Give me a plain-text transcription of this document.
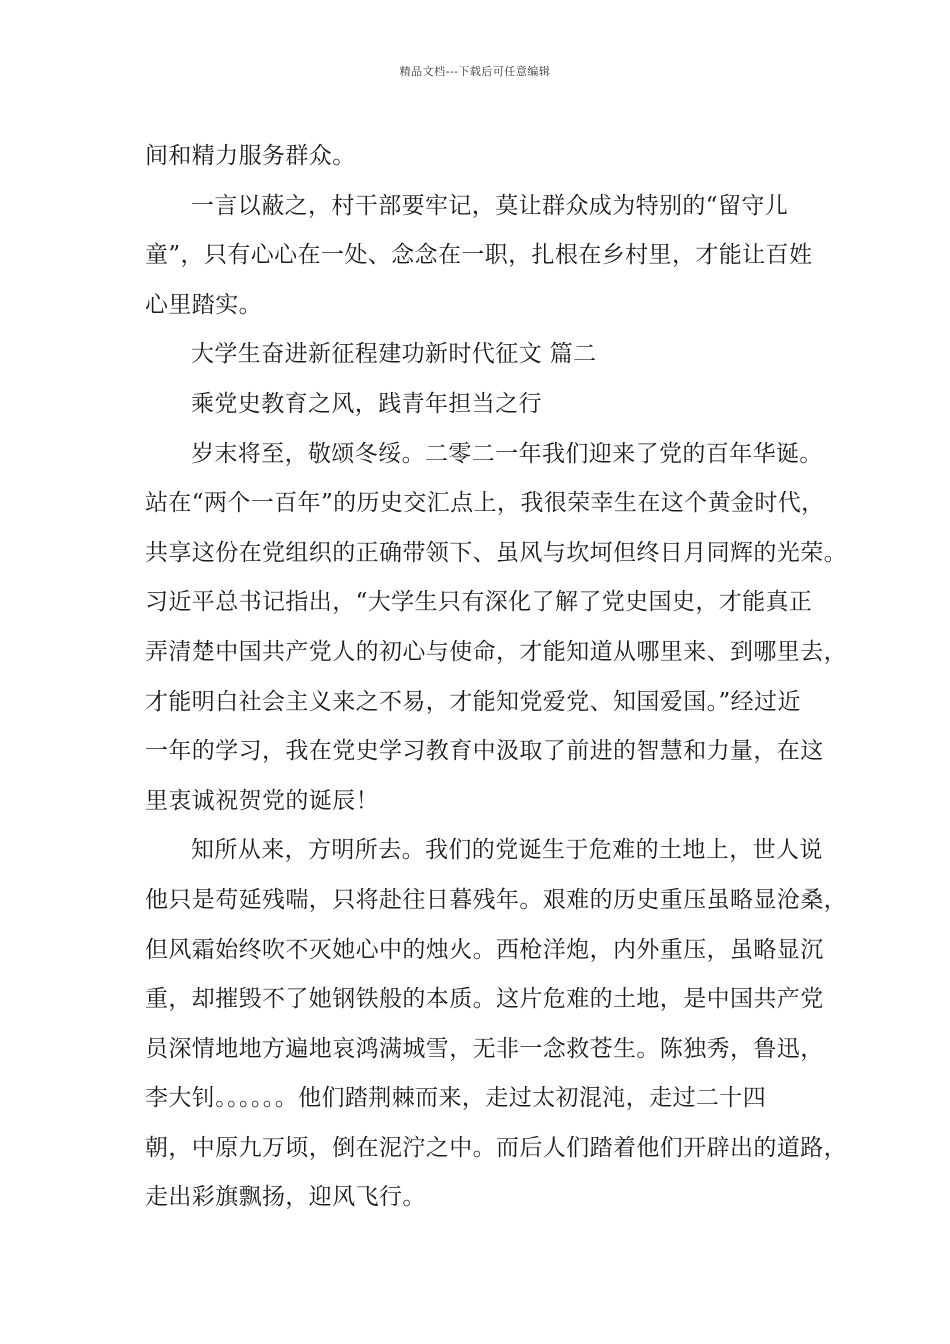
精品文档---下载后可任意编辑
间和精力服务群众。
一言以蔽之，村干部要牢记，莫让群众成为特别的“留守儿
童”，只有心心在一处、念念在一职，扎根在乡村里，才能让百姓
心里踏实。
大学生奋进新征程建功新时代征文 篇二
乘党史教育之风，践青年担当之行
岁末将至，敬颂冬绥。二零二一年我们迎来了党的百年华诞。
站在“两个一百年”的历史交汇点上，我很荣幸生在这个黄金时代，
共享这份在党组织的正确带领下、虽风与坎坷但终日月同辉的光荣。
习近平总书记指出，“大学生只有深化了解了党史国史，才能真正
弄清楚中国共产党人的初心与使命，才能知道从哪里来、到哪里去，
才能明白社会主义来之不易，才能知党爱党、知国爱国。”经过近
一年的学习，我在党史学习教育中汲取了前进的智慧和力量，在这
里衷诚祝贺党的诞辰！
知所从来，方明所去。我们的党诞生于危难的土地上，世人说
他只是苟延残喘，只将赴往日暮残年。艰难的历史重压虽略显沧桑，
但风霜始终吹不灭她心中的烛火。西枪洋炮，内外重压，虽略显沉
重，却摧毁不了她钢铁般的本质。这片危难的土地，是中国共产党
员深情地地方遍地哀鸿满城雪，无非一念救苍生。陈独秀，鲁迅，
李大钊。。。。。。他们踏荆棘而来，走过太初混沌，走过二十四
朝，中原九万顷，倒在泥泞之中。而后人们踏着他们开辟出的道路，
走出彩旗飘扬，迎风飞行。
